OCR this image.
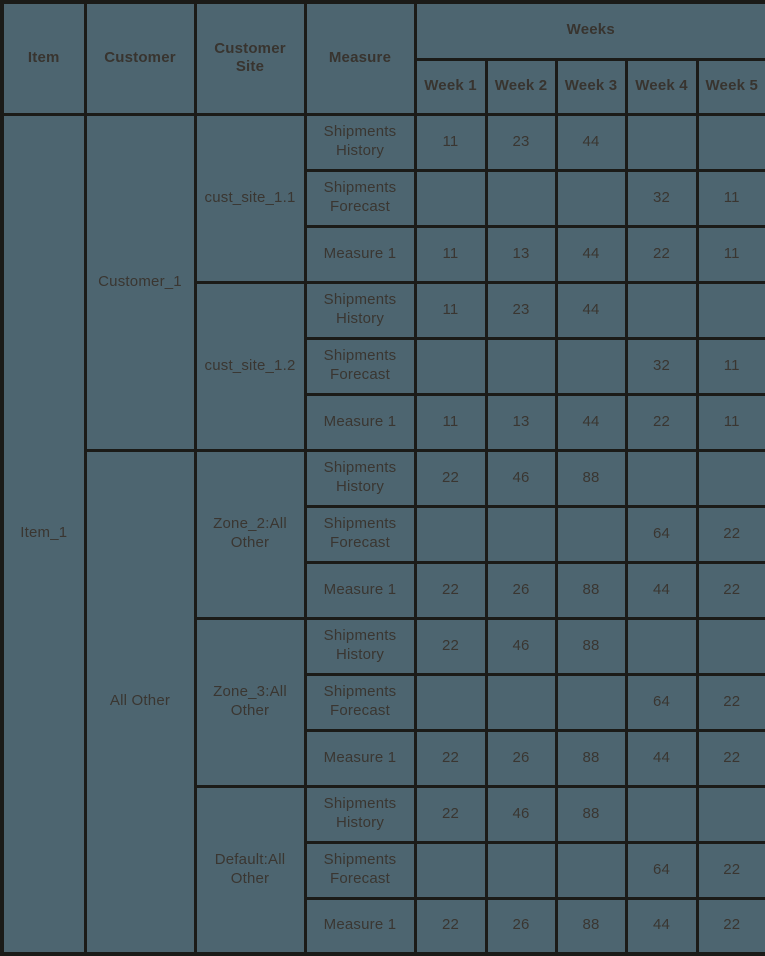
Item	Customer	Customer Site	Measure	Weeks				
				Week 1	Week 2	Week 3	Week 4	Week 5
Item_1	Customer_1	cust_site_1.1	Shipments History	11	23	44		
			Shipments Forecast				32	11
			Measure 1	11	13	44	22	11
		cust_site_1.2	Shipments History	11	23	44		
			Shipments Forecast				32	11
			Measure 1	11	13	44	22	11
	All Other	Zone_2:All Other	Shipments History	22	46	88		
			Shipments Forecast				64	22
			Measure 1	22	26	88	44	22
		Zone_3:All Other	Shipments History	22	46	88		
			Shipments Forecast				64	22
			Measure 1	22	26	88	44	22
		Default:All Other	Shipments History	22	46	88		
			Shipments Forecast				64	22
			Measure 1	22	26	88	44	22
